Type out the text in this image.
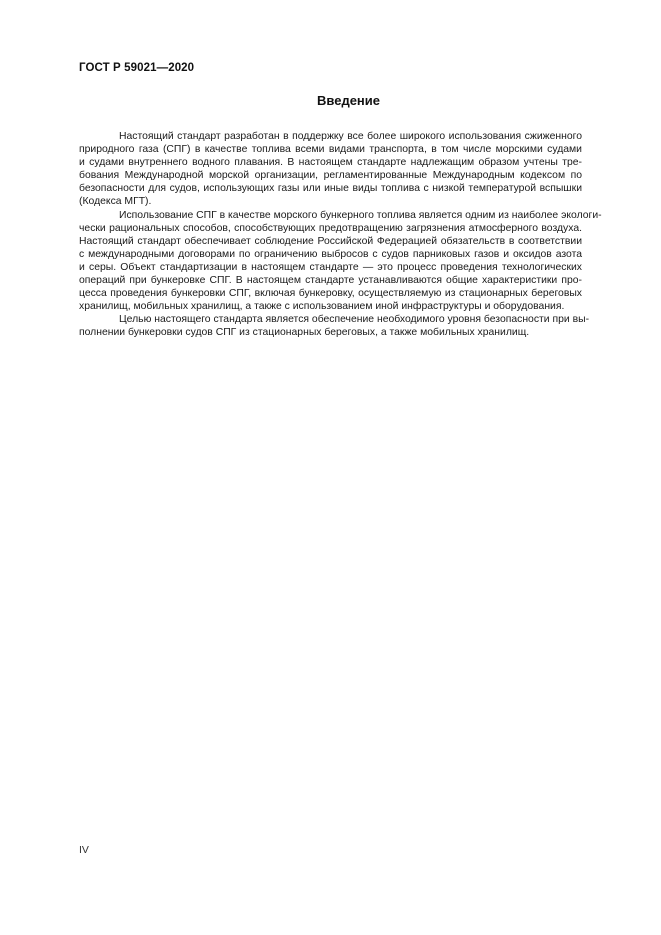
ГОСТ Р 59021—2020
Введение
Настоящий стандарт разработан в поддержку все более широкого использования сжиженного
природного газа (СПГ) в качестве топлива всеми видами транспорта, в том числе морскими судами
и судами внутреннего водного плавания. В настоящем стандарте надлежащим образом учтены тре-
бования Международной морской организации, регламентированные Международным кодексом по
безопасности для судов, использующих газы или иные виды топлива с низкой температурой вспышки
(Кодекса МГТ).
Использование СПГ в качестве морского бункерного топлива является одним из наиболее экологи-
чески рациональных способов, способствующих предотвращению загрязнения атмосферного воздуха.
Настоящий стандарт обеспечивает соблюдение Российской Федерацией обязательств в соответствии
с международными договорами по ограничению выбросов с судов парниковых газов и оксидов азота
и серы. Объект стандартизации в настоящем стандарте — это процесс проведения технологических
операций при бункеровке СПГ. В настоящем стандарте устанавливаются общие характеристики про-
цесса проведения бункеровки СПГ, включая бункеровку, осуществляемую из стационарных береговых
хранилищ, мобильных хранилищ, а также с использованием иной инфраструктуры и оборудования.
Целью настоящего стандарта является обеспечение необходимого уровня безопасности при вы-
полнении бункеровки судов СПГ из стационарных береговых, а также мобильных хранилищ.
IV
